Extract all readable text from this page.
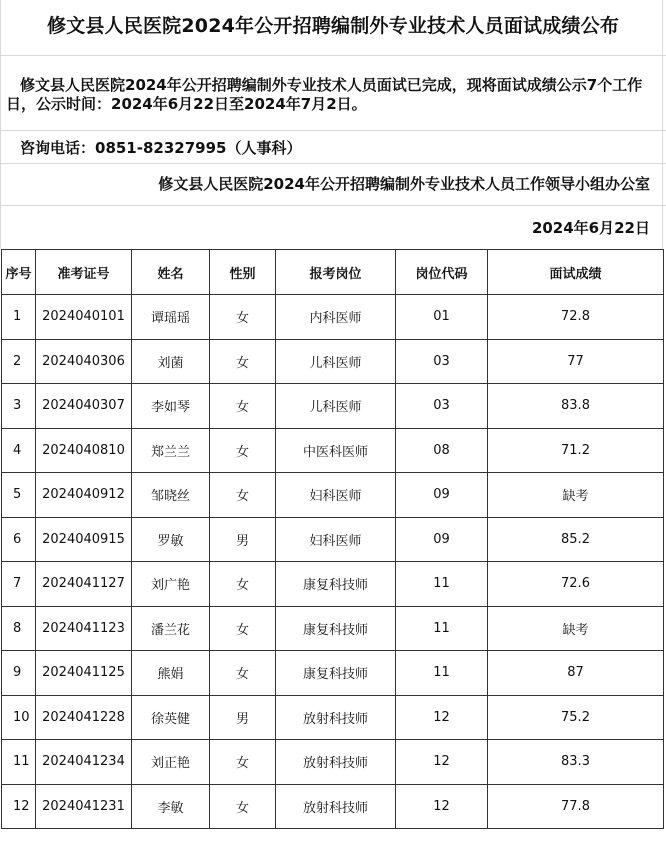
修文县人民医院2024年公开招聘编制外专业技术人员面试成绩公布
修文县人民医院2024年公开招聘编制外专业技术人员面试已完成，现将面试成绩公示7个工作日，公示时间：2024年6月22日至2024年7月2日。
咨询电话：0851-82327995（人事科）
修文县人民医院2024年公开招聘编制外专业技术人员工作领导小组办公室
2024年6月22日
序号	准考证号	姓名	性别	报考岗位	岗位代码	面试成绩
1	2024040101	谭瑶瑶	女	内科医师	01	72.8
2	2024040306	刘菌	女	儿科医师	03	77
3	2024040307	李如琴	女	儿科医师	03	83.8
4	2024040810	郑兰兰	女	中医科医师	08	71.2
5	2024040912	邹晓丝	女	妇科医师	09	缺考
6	2024040915	罗敏	男	妇科医师	09	85.2
7	2024041127	刘广艳	女	康复科技师	11	72.6
8	2024041123	潘兰花	女	康复科技师	11	缺考
9	2024041125	熊娟	女	康复科技师	11	87
10	2024041228	徐英健	男	放射科技师	12	75.2
11	2024041234	刘正艳	女	放射科技师	12	83.3
12	2024041231	李敏	女	放射科技师	12	77.8
